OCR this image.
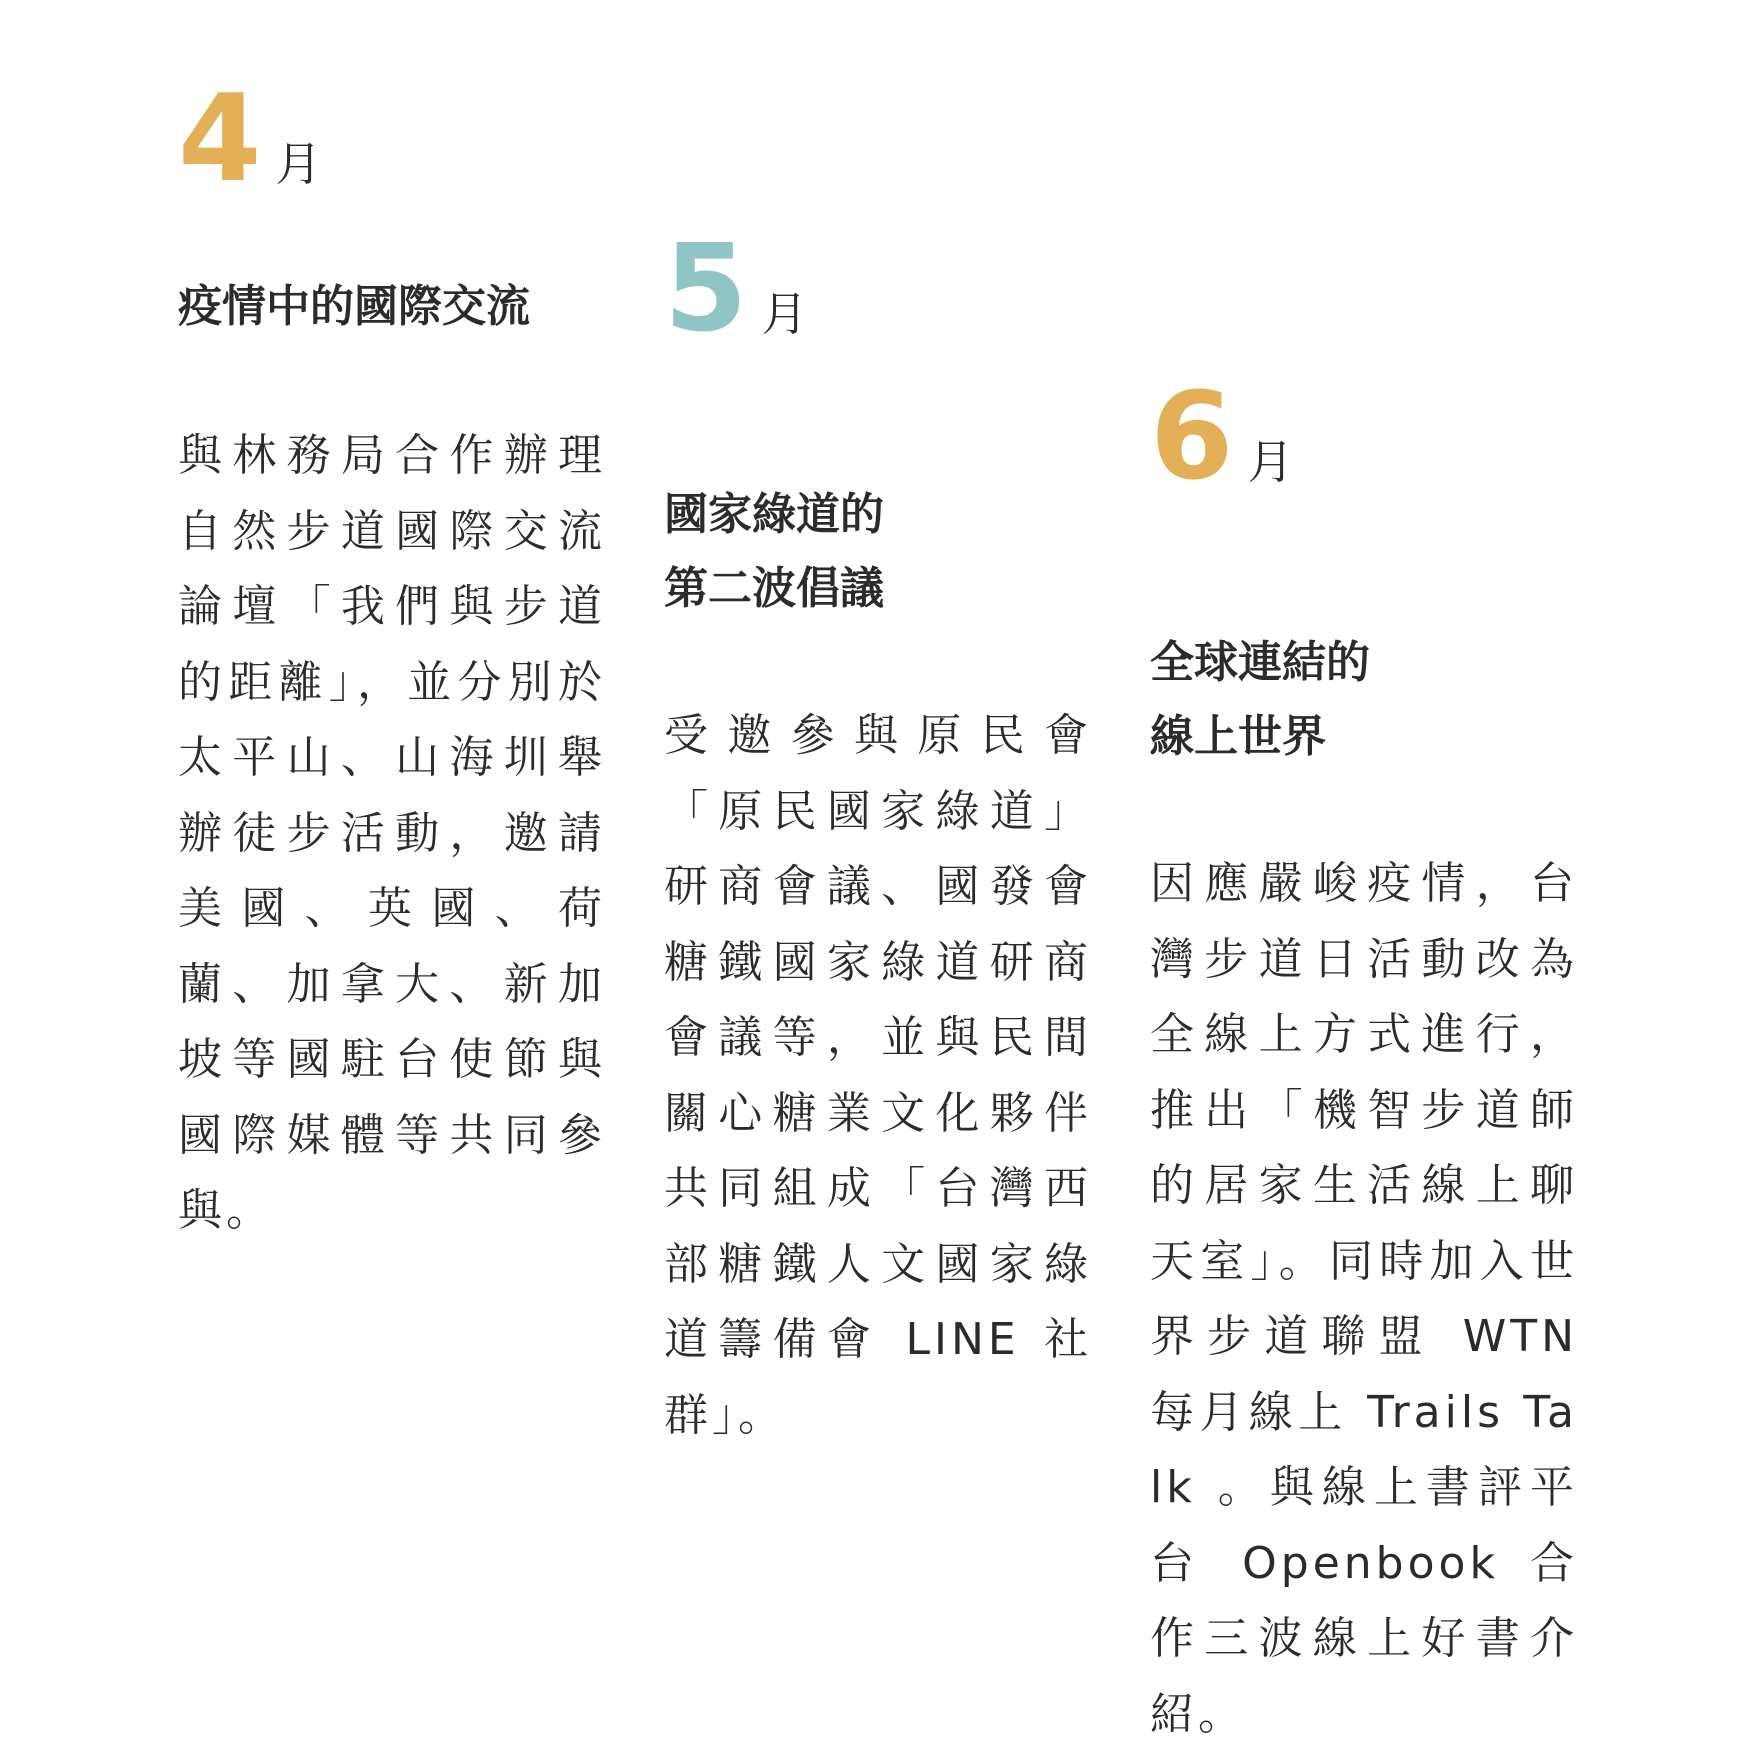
4 月
疫情中的國際交流
與林務局合作辦理自然步道國際交流論壇「我們與步道的距離」，並分別於太平山、山海圳舉辦徒步活動，邀請美國、英國、荷蘭、加拿大、新加坡等國駐台使節與國際媒體等共同參與。
5 月
國家綠道的
第二波倡議
受邀參與原民會「原民國家綠道」研商會議、國發會糖鐵國家綠道研商會議等，並與民間關心糖業文化夥伴共同組成「台灣西部糖鐵人文國家綠道籌備會 LINE 社群」。
6 月
全球連結的
線上世界
因應嚴峻疫情，台灣步道日活動改為全線上方式進行，推出「機智步道師的居家生活線上聊天室」。同時加入世界步道聯盟 WTN 每月線上 Trails Talk 。與線上書評平台 Openbook 合作三波線上好書介紹。
